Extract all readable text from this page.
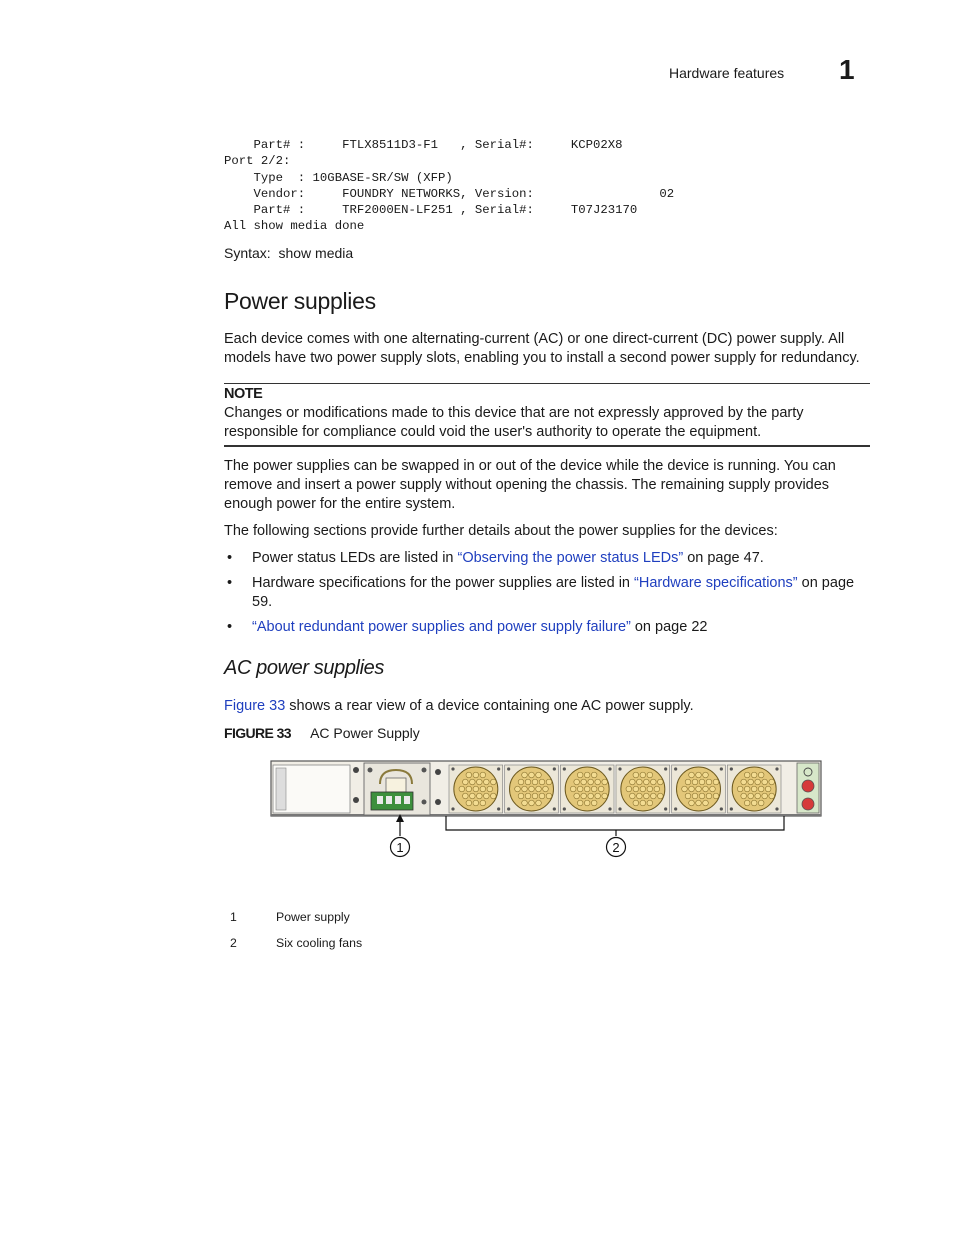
Hardware features 1
Part# :     FTLX8511D3-F1   , Serial#:     KCP02X8
Port 2/2:
Type  : 10GBASE-SR/SW (XFP)
Vendor:     FOUNDRY NETWORKS, Version:                 02
Part# :     TRF2000EN-LF251 , Serial#:     T07J23170
All show media done
Syntax: show media
Power supplies

Each device comes with one alternating-current (AC) or one direct-current (DC) power supply. All models have two power supply slots, enabling you to install a second power supply for redundancy.

NOTE

Changes or modifications made to this device that are not expressly approved by the party responsible for compliance could void the user's authority to operate the equipment.

The power supplies can be swapped in or out of the device while the device is running. You can remove and insert a power supply without opening the chassis. The remaining supply provides enough power for the entire system.

The following sections provide further details about the power supplies for the devices:

• Power status LEDs are listed in “Observing the power status LEDs” on page 47.
• Hardware specifications for the power supplies are listed in “Hardware specifications” on page 59.
• “About redundant power supplies and power supply failure” on page 22
AC power supplies

Figure 33 shows a rear view of a device containing one AC power supply.

FIGURE 33 AC Power Supply
1	2
1	Power supply
2	Six cooling fans
